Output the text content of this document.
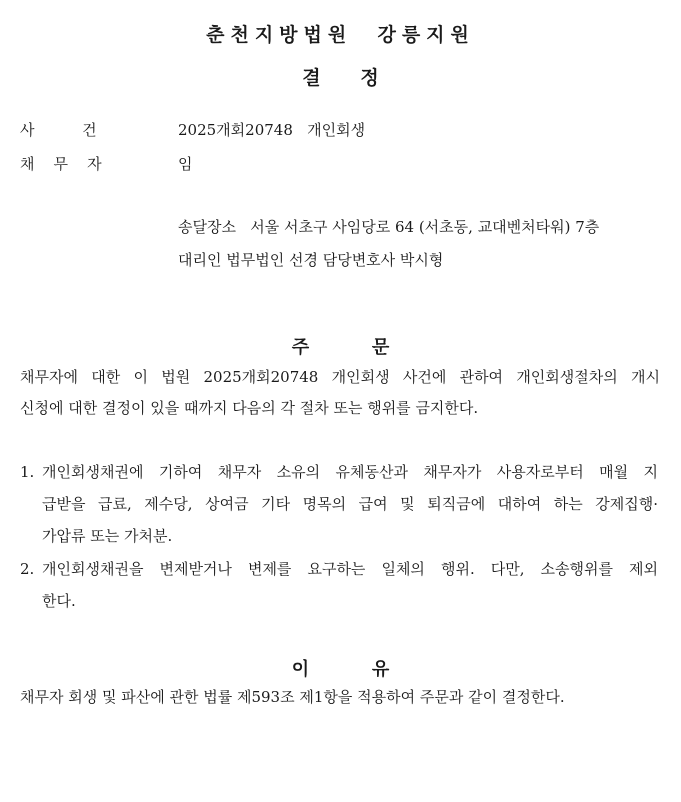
춘천지방법원  강릉지원
결      정
사          건	2025개회20748   개인회생
채    무    자	임
송달장소   서울 서초구 사임당로 64 (서초동, 교대벤처타워) 7층
대리인 법무법인 선경 담당변호사 박시형
주          문
채무자에 대한 이 법원 2025개회20748 개인회생 사건에 관하여 개인회생절차의 개시
신청에 대한 결정이 있을 때까지 다음의 각 절차 또는 행위를 금지한다.
1. 개인회생채권에 기하여 채무자 소유의 유체동산과 채무자가 사용자로부터 매월 지
급받을 급료, 제수당, 상여금 기타 명목의 급여 및 퇴직금에 대하여 하는 강제집행·
가압류 또는 가처분.
2. 개인회생채권을 변제받거나 변제를 요구하는 일체의 행위. 다만, 소송행위를 제외
한다.
이          유
채무자 회생 및 파산에 관한 법률 제593조 제1항을 적용하여 주문과 같이 결정한다.
